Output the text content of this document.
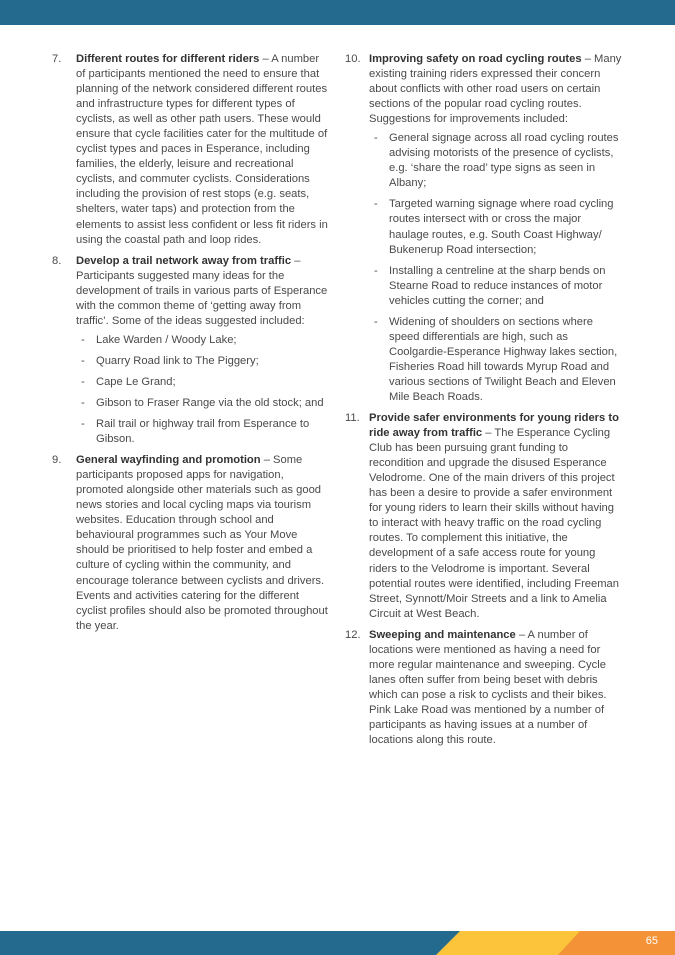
7. Different routes for different riders – A number of participants mentioned the need to ensure that planning of the network considered different routes and infrastructure types for different types of cyclists, as well as other path users. These would ensure that cycle facilities cater for the multitude of cyclist types and paces in Esperance, including families, the elderly, leisure and recreational cyclists, and commuter cyclists. Considerations including the provision of rest stops (e.g. seats, shelters, water taps) and protection from the elements to assist less confident or less fit riders in using the coastal path and loop rides.
8. Develop a trail network away from traffic – Participants suggested many ideas for the development of trails in various parts of Esperance with the common theme of ‘getting away from traffic’. Some of the ideas suggested included:
- Lake Warden / Woody Lake;
- Quarry Road link to The Piggery;
- Cape Le Grand;
- Gibson to Fraser Range via the old stock; and
- Rail trail or highway trail from Esperance to Gibson.
9. General wayfinding and promotion – Some participants proposed apps for navigation, promoted alongside other materials such as good news stories and local cycling maps via tourism websites. Education through school and behavioural programmes such as Your Move should be prioritised to help foster and embed a culture of cycling within the community, and encourage tolerance between cyclists and drivers. Events and activities catering for the different cyclist profiles should also be promoted throughout the year.
10. Improving safety on road cycling routes – Many existing training riders expressed their concern about conflicts with other road users on certain sections of the popular road cycling routes. Suggestions for improvements included:
- General signage across all road cycling routes advising motorists of the presence of cyclists, e.g. ‘share the road’ type signs as seen in Albany;
- Targeted warning signage where road cycling routes intersect with or cross the major haulage routes, e.g. South Coast Highway/ Bukenerup Road intersection;
- Installing a centreline at the sharp bends on Stearne Road to reduce instances of motor vehicles cutting the corner; and
- Widening of shoulders on sections where speed differentials are high, such as Coolgardie-Esperance Highway lakes section, Fisheries Road hill towards Myrup Road and various sections of Twilight Beach and Eleven Mile Beach Roads.
11. Provide safer environments for young riders to ride away from traffic – The Esperance Cycling Club has been pursuing grant funding to recondition and upgrade the disused Esperance Velodrome. One of the main drivers of this project has been a desire to provide a safer environment for young riders to learn their skills without having to interact with heavy traffic on the road cycling routes. To complement this initiative, the development of a safe access route for young riders to the Velodrome is important. Several potential routes were identified, including Freeman Street, Synnott/Moir Streets and a link to Amelia Circuit at West Beach.
12. Sweeping and maintenance – A number of locations were mentioned as having a need for more regular maintenance and sweeping. Cycle lanes often suffer from being beset with debris which can pose a risk to cyclists and their bikes. Pink Lake Road was mentioned by a number of participants as having issues at a number of locations along this route.
65
